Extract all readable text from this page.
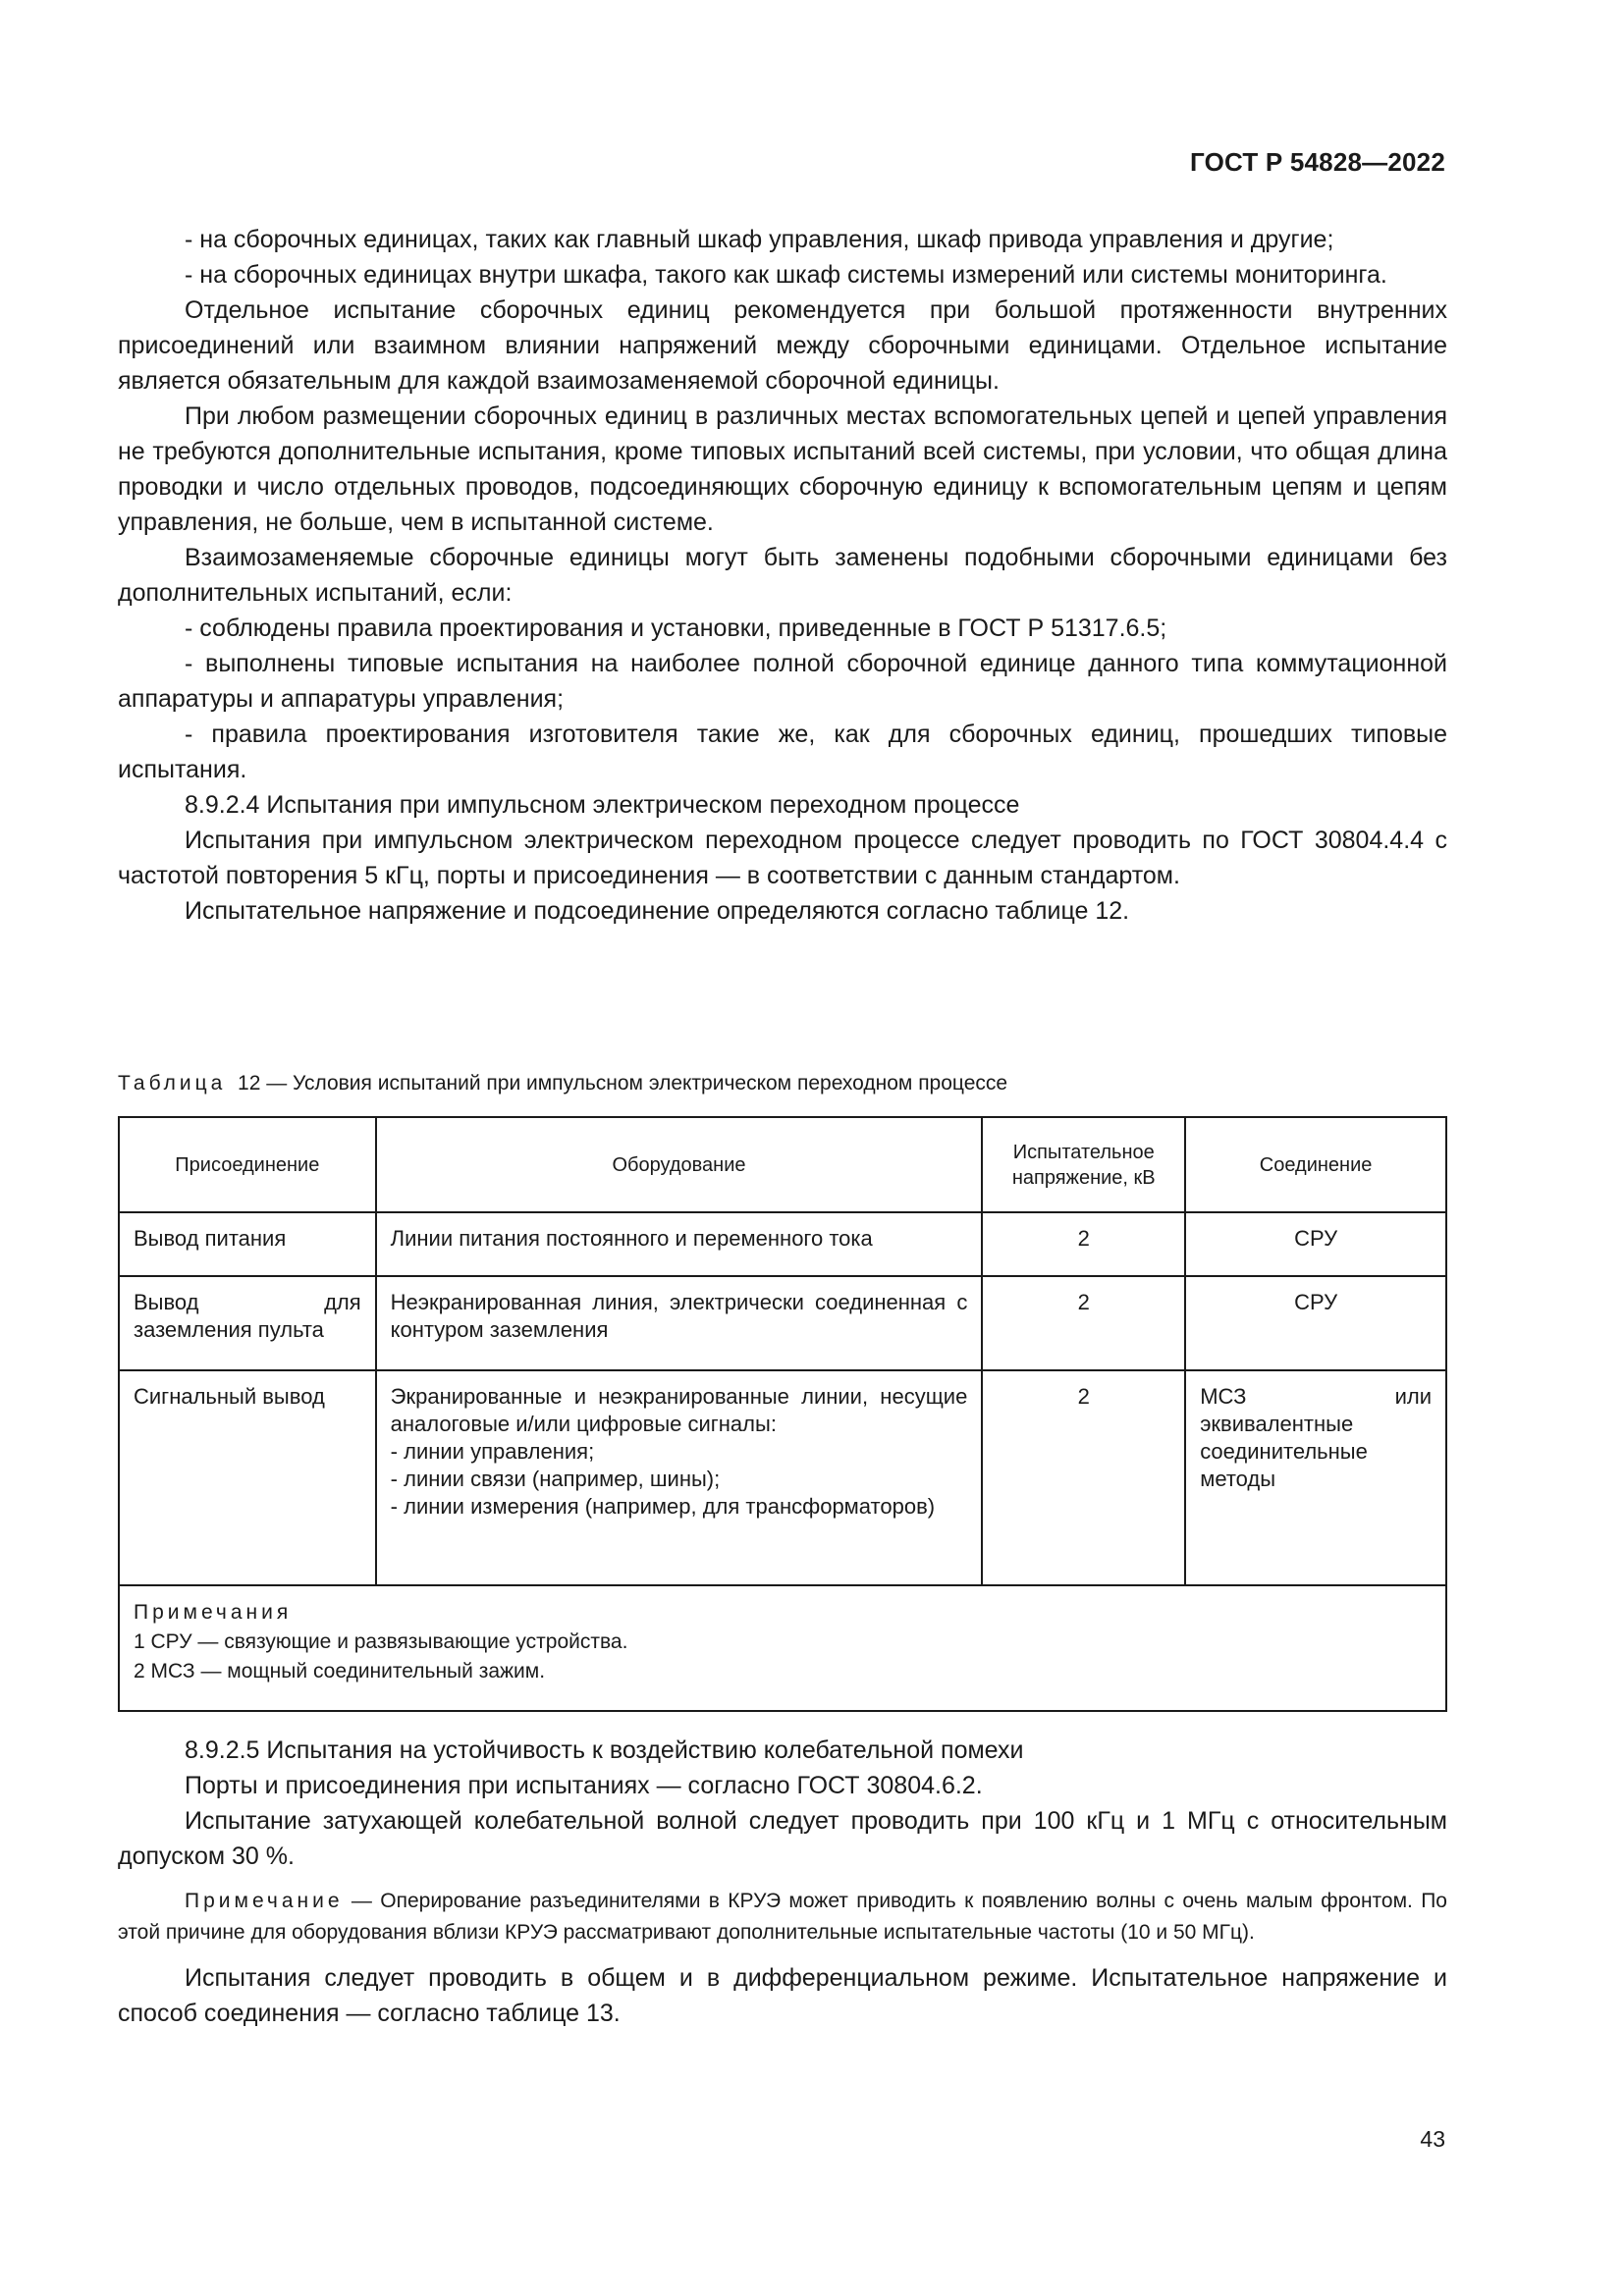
ГОСТ Р 54828—2022

- на сборочных единицах, таких как главный шкаф управления, шкаф привода управления и другие;

- на сборочных единицах внутри шкафа, такого как шкаф системы измерений или системы мониторинга.

Отдельное испытание сборочных единиц рекомендуется при большой протяженности внутренних присоединений или взаимном влиянии напряжений между сборочными единицами. Отдельное испытание является обязательным для каждой взаимозаменяемой сборочной единицы.

При любом размещении сборочных единиц в различных местах вспомогательных цепей и цепей управления не требуются дополнительные испытания, кроме типовых испытаний всей системы, при условии, что общая длина проводки и число отдельных проводов, подсоединяющих сборочную единицу к вспомогательным цепям и цепям управления, не больше, чем в испытанной системе.

Взаимозаменяемые сборочные единицы могут быть заменены подобными сборочными единицами без дополнительных испытаний, если:

- соблюдены правила проектирования и установки, приведенные в ГОСТ Р 51317.6.5;

- выполнены типовые испытания на наиболее полной сборочной единице данного типа коммутационной аппаратуры и аппаратуры управления;

- правила проектирования изготовителя такие же, как для сборочных единиц, прошедших типовые испытания.

8.9.2.4 Испытания при импульсном электрическом переходном процессе

Испытания при импульсном электрическом переходном процессе следует проводить по ГОСТ 30804.4.4 с частотой повторения 5 кГц, порты и присоединения — в соответствии с данным стандартом.

Испытательное напряжение и подсоединение определяются согласно таблице 12.

Таблица 12 — Условия испытаний при импульсном электрическом переходном процессе
Присоединение	Оборудование	Испытательное напряжение, кВ	Соединение
Вывод питания	Линии питания постоянного и переменного тока	2	СРУ
Вывод для заземления пульта	Неэкранированная линия, электрически соединенная с контуром заземления	2	СРУ
Сигнальный вывод	Экранированные и неэкранированные линии, несущие аналоговые и/или цифровые сигналы:
- линии управления;
- линии связи (например, шины);
- линии измерения (например, для трансформаторов)	2	МСЗ или эквивалентные соединительные методы

Примечания
1 СРУ — связующие и развязывающие устройства.
2 МСЗ — мощный соединительный зажим.			

8.9.2.5 Испытания на устойчивость к воздействию колебательной помехи

Порты и присоединения при испытаниях — согласно ГОСТ 30804.6.2.

Испытание затухающей колебательной волной следует проводить при 100 кГц и 1 МГц с относительным допуском 30 %.

Примечание — Оперирование разъединителями в КРУЭ может приводить к появлению волны с очень малым фронтом. По этой причине для оборудования вблизи КРУЭ рассматривают дополнительные испытательные частоты (10 и 50 МГц).

Испытания следует проводить в общем и в дифференциальном режиме. Испытательное напряжение и способ соединения — согласно таблице 13.

43
